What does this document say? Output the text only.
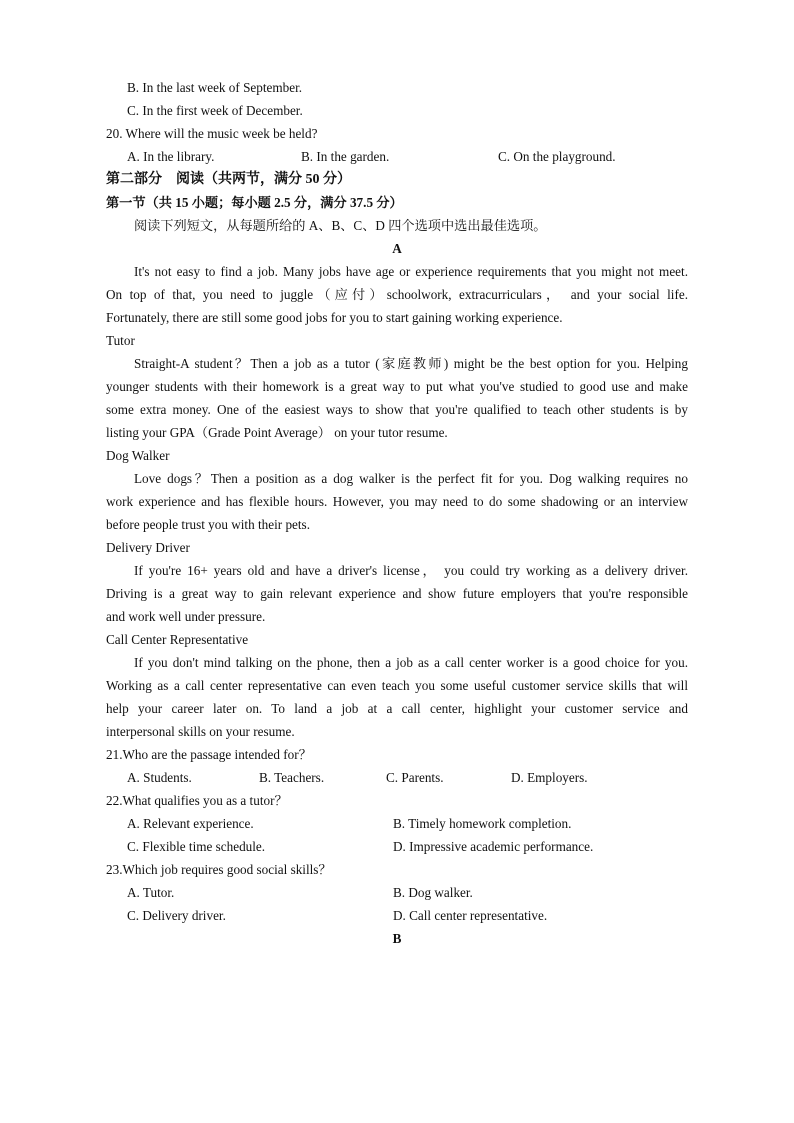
B. In the last week of September.
C. In the first week of December.
20. Where will the music week be held?
A. In the library.	B. In the garden.	C. On the playground.
第二部分　阅读（共两节，满分 50 分）
第一节（共 15 小题；每小题 2.5 分，满分 37.5 分）
阅读下列短文，从每题所给的 A、B、C、D 四个选项中选出最佳选项。
A
It's not easy to find a job. Many jobs have age or experience requirements that you might not meet.
On top of that, you need to juggle（应付）schoolwork, extracurriculars， and your social life.
Fortunately, there are still some good jobs for you to start gaining working experience.
Tutor
Straight-A student？Then a job as a tutor (家庭教师) might be the best option for you. Helping
younger students with their homework is a great way to put what you've studied to good use and make
some extra money. One of the easiest ways to show that you're qualified to teach other students is by
listing your GPA（Grade Point Average） on your tutor resume.
Dog Walker
Love dogs？Then a position as a dog walker is the perfect fit for you. Dog walking requires no
work experience and has flexible hours. However, you may need to do some shadowing or an interview
before people trust you with their pets.
Delivery Driver
If you're 16+ years old and have a driver's license， you could try working as a delivery driver.
Driving is a great way to gain relevant experience and show future employers that you're responsible
and work well under pressure.
Call Center Representative
If you don't mind talking on the phone, then a job as a call center worker is a good choice for you.
Working as a call center representative can even teach you some useful customer service skills that will
help your career later on. To land a job at a call center, highlight your customer service and
interpersonal skills on your resume.
21.Who are the passage intended for？
A. Students.	B. Teachers.	C. Parents.	D. Employers.
22.What qualifies you as a tutor？
A. Relevant experience.	B. Timely homework completion.
C. Flexible time schedule.	D. Impressive academic performance.
23.Which job requires good social skills？
A. Tutor.	B. Dog walker.
C. Delivery driver.	D. Call center representative.
B
